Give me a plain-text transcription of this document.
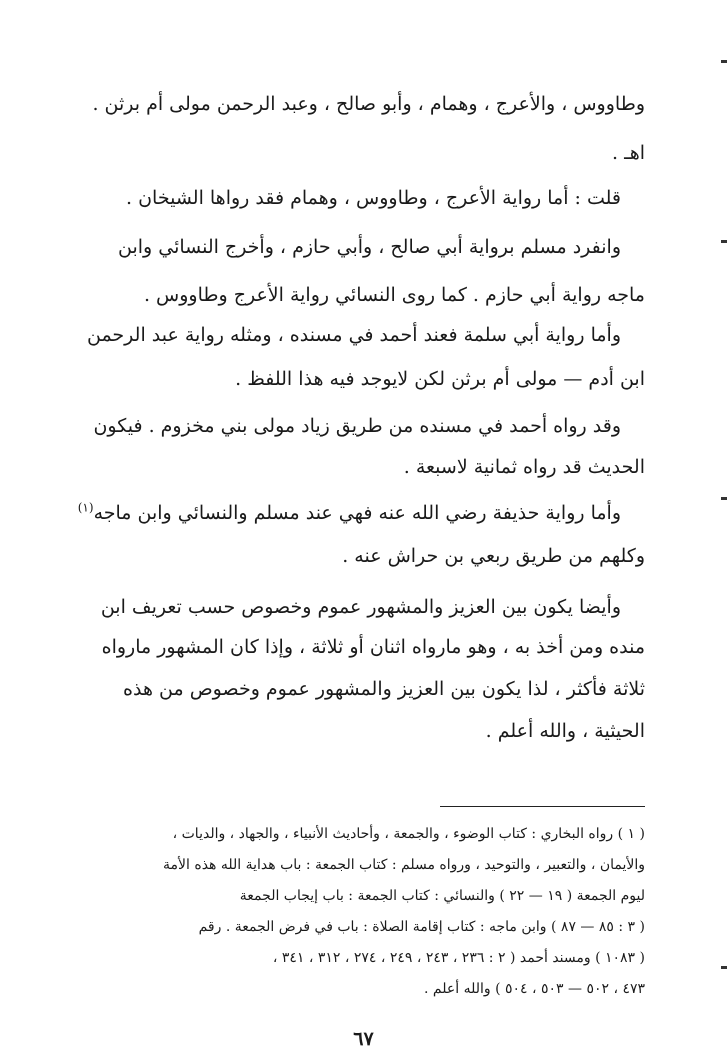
وطاووس ، والأعرج ، وهمام ، وأبو صالح ، وعبد الرحمن مولى أم برثن .
اهـ .
قلت : أما رواية الأعرج ، وطاووس ، وهمام فقد رواها الشيخان .
وانفرد مسلم برواية أبي صالح ، وأبي حازم ، وأخرج النسائي وابن
ماجه رواية أبي حازم . كما روى النسائي رواية الأعرج وطاووس .
وأما رواية أبي سلمة فعند أحمد في مسنده ، ومثله رواية عبد الرحمن
ابن أدم — مولى أم برثن لكن لايوجد فيه هذا اللفظ .
وقد رواه أحمد في مسنده من طريق زياد مولى بني مخزوم . فيكون
الحديث قد رواه ثمانية لاسبعة .
وأما رواية حذيفة رضي الله عنه فهي عند مسلم والنسائي وابن ماجه$^{(١)}$
وكلهم من طريق ربعي بن حراش عنه .
وأيضا يكون بين العزيز والمشهور عموم وخصوص حسب تعريف ابن
منده ومن أخذ به ، وهو مارواه اثنان أو ثلاثة ، وإذا كان المشهور مارواه
ثلاثة فأكثر ، لذا يكون بين العزيز والمشهور عموم وخصوص من هذه
الحيثية ، والله أعلم .
( ١ ) رواه البخاري : كتاب الوضوء ، والجمعة ، وأحاديث الأنبياء ، والجهاد ، والديات ،
والأيمان ، والتعبير ، والتوحيد ، ورواه مسلم : كتاب الجمعة : باب هداية الله هذه الأمة
ليوم الجمعة ( ١٩ — ٢٢ ) والنسائي : كتاب الجمعة : باب إيجاب الجمعة
( ٣ : ٨٥ — ٨٧ ) وابن ماجه : كتاب إقامة الصلاة : باب في فرض الجمعة . رقم
( ١٠٨٣ ) ومسند أحمد ( ٢ : ٢٣٦ ، ٢٤٣ ، ٢٤٩ ، ٢٧٤ ، ٣١٢ ، ٣٤١ ،
٤٧٣ ، ٥٠٢ — ٥٠٣ ، ٥٠٤ ) والله أعلم .
٦٧
